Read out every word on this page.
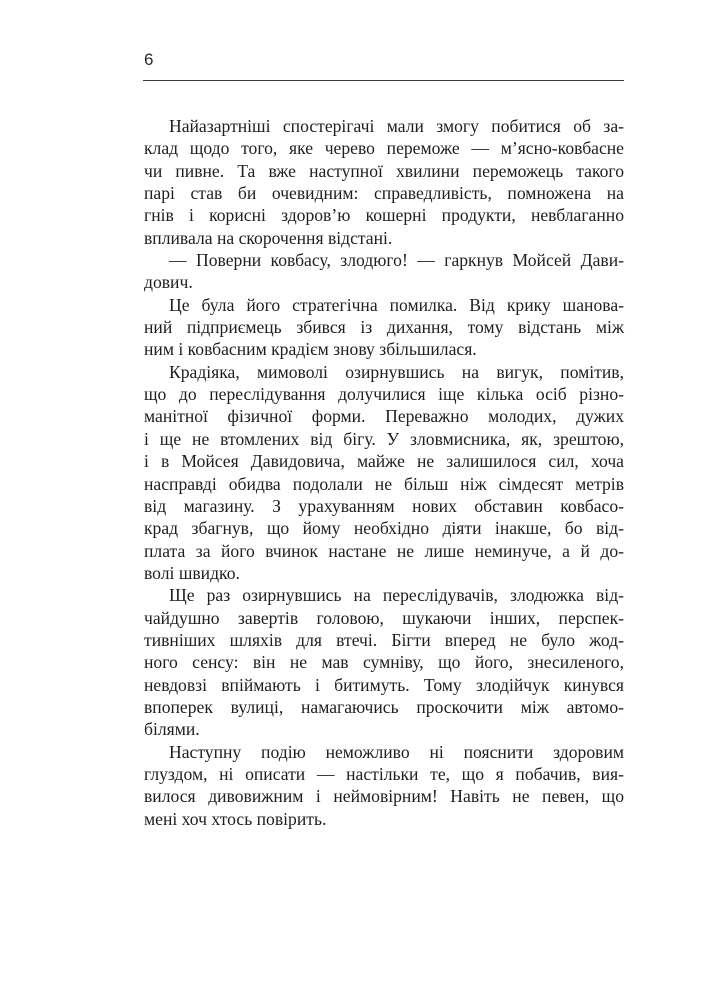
6
Найазартніші спостерігачі мали змогу побитися об за-
клад щодо того, яке черево переможе — м’ясно-ковбасне
чи пивне. Та вже наступної хвилини переможець такого
парі став би очевидним: справедливість, помножена на
гнів і корисні здоров’ю кошерні продукти, невблаганно
впливала на скорочення відстані.
— Поверни ковбасу, злодюго! — гаркнув Мойсей Дави-
дович.
Це була його стратегічна помилка. Від крику шанова-
ний підприємець збився із дихання, тому відстань між
ним і ковбасним крадієм знову збільшилася.
Крадіяка, мимоволі озирнувшись на вигук, помітив,
що до переслідування долучилися іще кілька осіб різно-
манітної фізичної форми. Переважно молодих, дужих
і ще не втомлених від бігу. У зловмисника, як, зрештою,
і в Мойсея Давидовича, майже не залишилося сил, хоча
насправді обидва подолали не більш ніж сімдесят метрів
від магазину. З урахуванням нових обставин ковбасо-
крад збагнув, що йому необхідно діяти інакше, бо від-
плата за його вчинок настане не лише неминуче, а й до-
волі швидко.
Ще раз озирнувшись на переслідувачів, злодюжка від-
чайдушно завертів головою, шукаючи інших, перспек-
тивніших шляхів для втечі. Бігти вперед не було жод-
ного сенсу: він не мав сумніву, що його, знесиленого,
невдовзі впіймають і битимуть. Тому злодійчук кинувся
впоперек вулиці, намагаючись проскочити між автомо-
білями.
Наступну подію неможливо ні пояснити здоровим
глуздом, ні описати — настільки те, що я побачив, вия-
вилося дивовижним і неймовірним! Навіть не певен, що
мені хоч хтось повірить.
